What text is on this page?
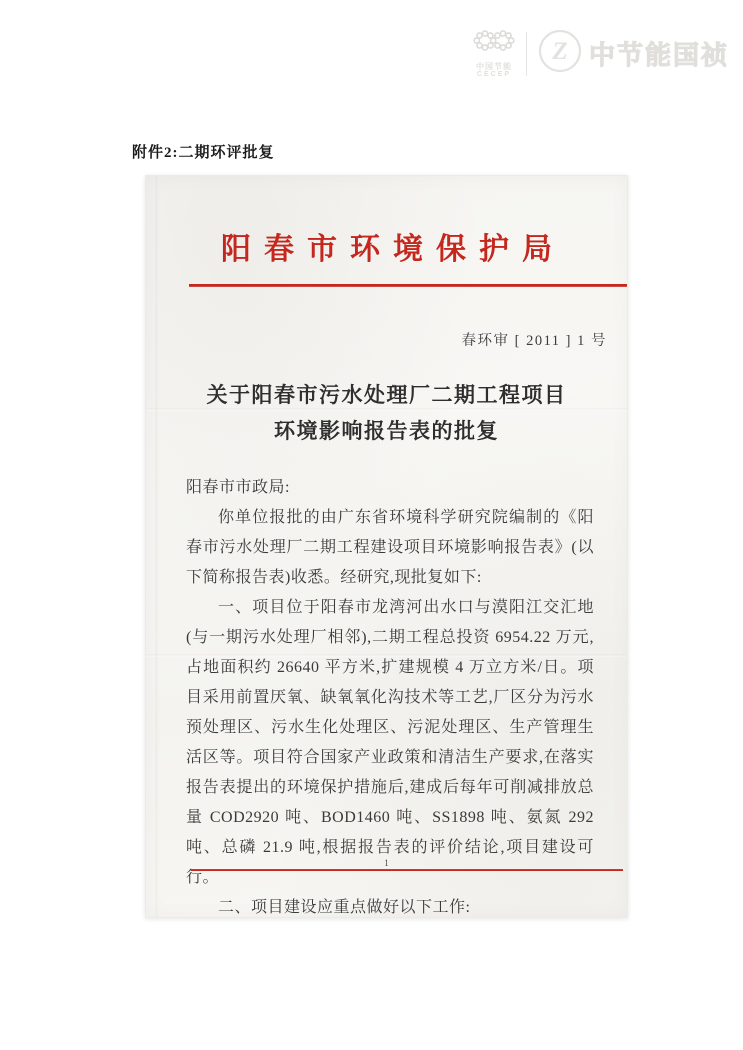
中国节能
CECEP
Z 中节能国祯
附件2:二期环评批复
阳春市环境保护局
春环审 [ 2011 ] 1 号
关于阳春市污水处理厂二期工程项目
环境影响报告表的批复

阳春市市政局:

你单位报批的由广东省环境科学研究院编制的《阳春市污水处理厂二期工程建设项目环境影响报告表》(以下简称报告表)收悉。经研究,现批复如下:

一、项目位于阳春市龙湾河出水口与漠阳江交汇地(与一期污水处理厂相邻),二期工程总投资 6954.22 万元,占地面积约 26640 平方米,扩建规模 4 万立方米/日。项目采用前置厌氧、缺氧氧化沟技术等工艺,厂区分为污水预处理区、污水生化处理区、污泥处理区、生产管理生活区等。项目符合国家产业政策和清洁生产要求,在落实报告表提出的环境保护措施后,建成后每年可削减排放总量 COD2920 吨、BOD1460 吨、SS1898 吨、氨氮 292 吨、总磷 21.9 吨,根据报告表的评价结论,项目建设可行。

二、项目建设应重点做好以下工作:

1
